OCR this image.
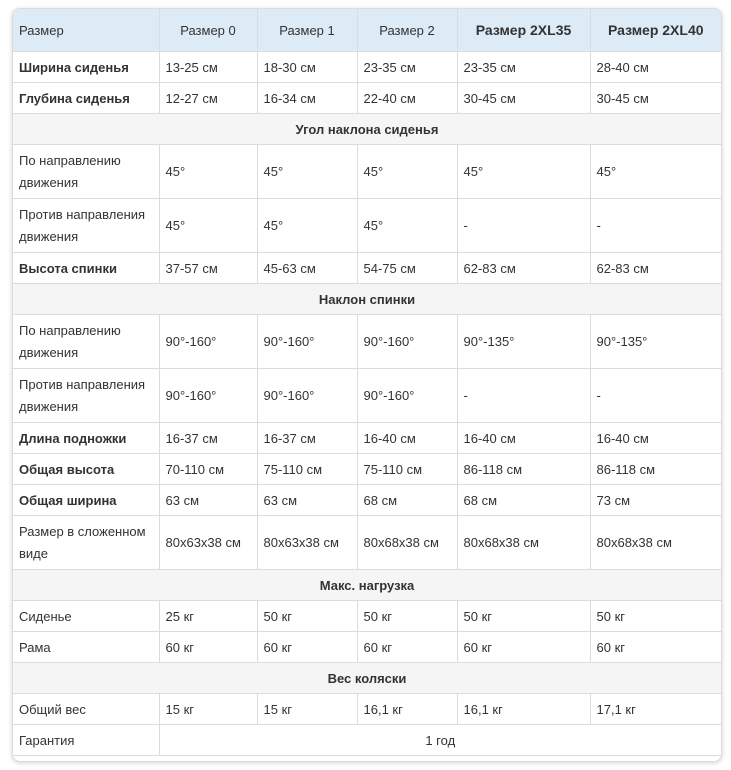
Размер	Размер 0	Размер 1	Размер 2	Размер 2XL35	Размер 2XL40
Ширина сиденья	13-25 см	18-30 см	23-35 см	23-35 см	28-40 см
Глубина сиденья	12-27 см	16-34 см	22-40 см	30-45 см	30-45 см
Угол наклона сиденья					
По направлению движения	45°	45°	45°	45°	45°
Против направления движения	45°	45°	45°	-	-
Высота спинки	37-57 см	45-63 см	54-75 см	62-83 см	62-83 см
Наклон спинки					
По направлению движения	90°-160°	90°-160°	90°-160°	90°-135°	90°-135°
Против направления движения	90°-160°	90°-160°	90°-160°	-	-
Длина подножки	16-37 см	16-37 см	16-40 см	16-40 см	16-40 см
Общая высота	70-110 см	75-110 см	75-110 см	86-118 см	86-118 см
Общая ширина	63 см	63 см	68 см	68 см	73 см
Размер в сложенном виде	80x63x38 см	80x63x38 см	80x68x38 см	80x68x38 см	80x68x38 см
Макс. нагрузка					
Сиденье	25 кг	50 кг	50 кг	50 кг	50 кг
Рама	60 кг	60 кг	60 кг	60 кг	60 кг
Вес коляски					
Общий вес	15 кг	15 кг	16,1 кг	16,1 кг	17,1 кг
Гарантия	1 год				
